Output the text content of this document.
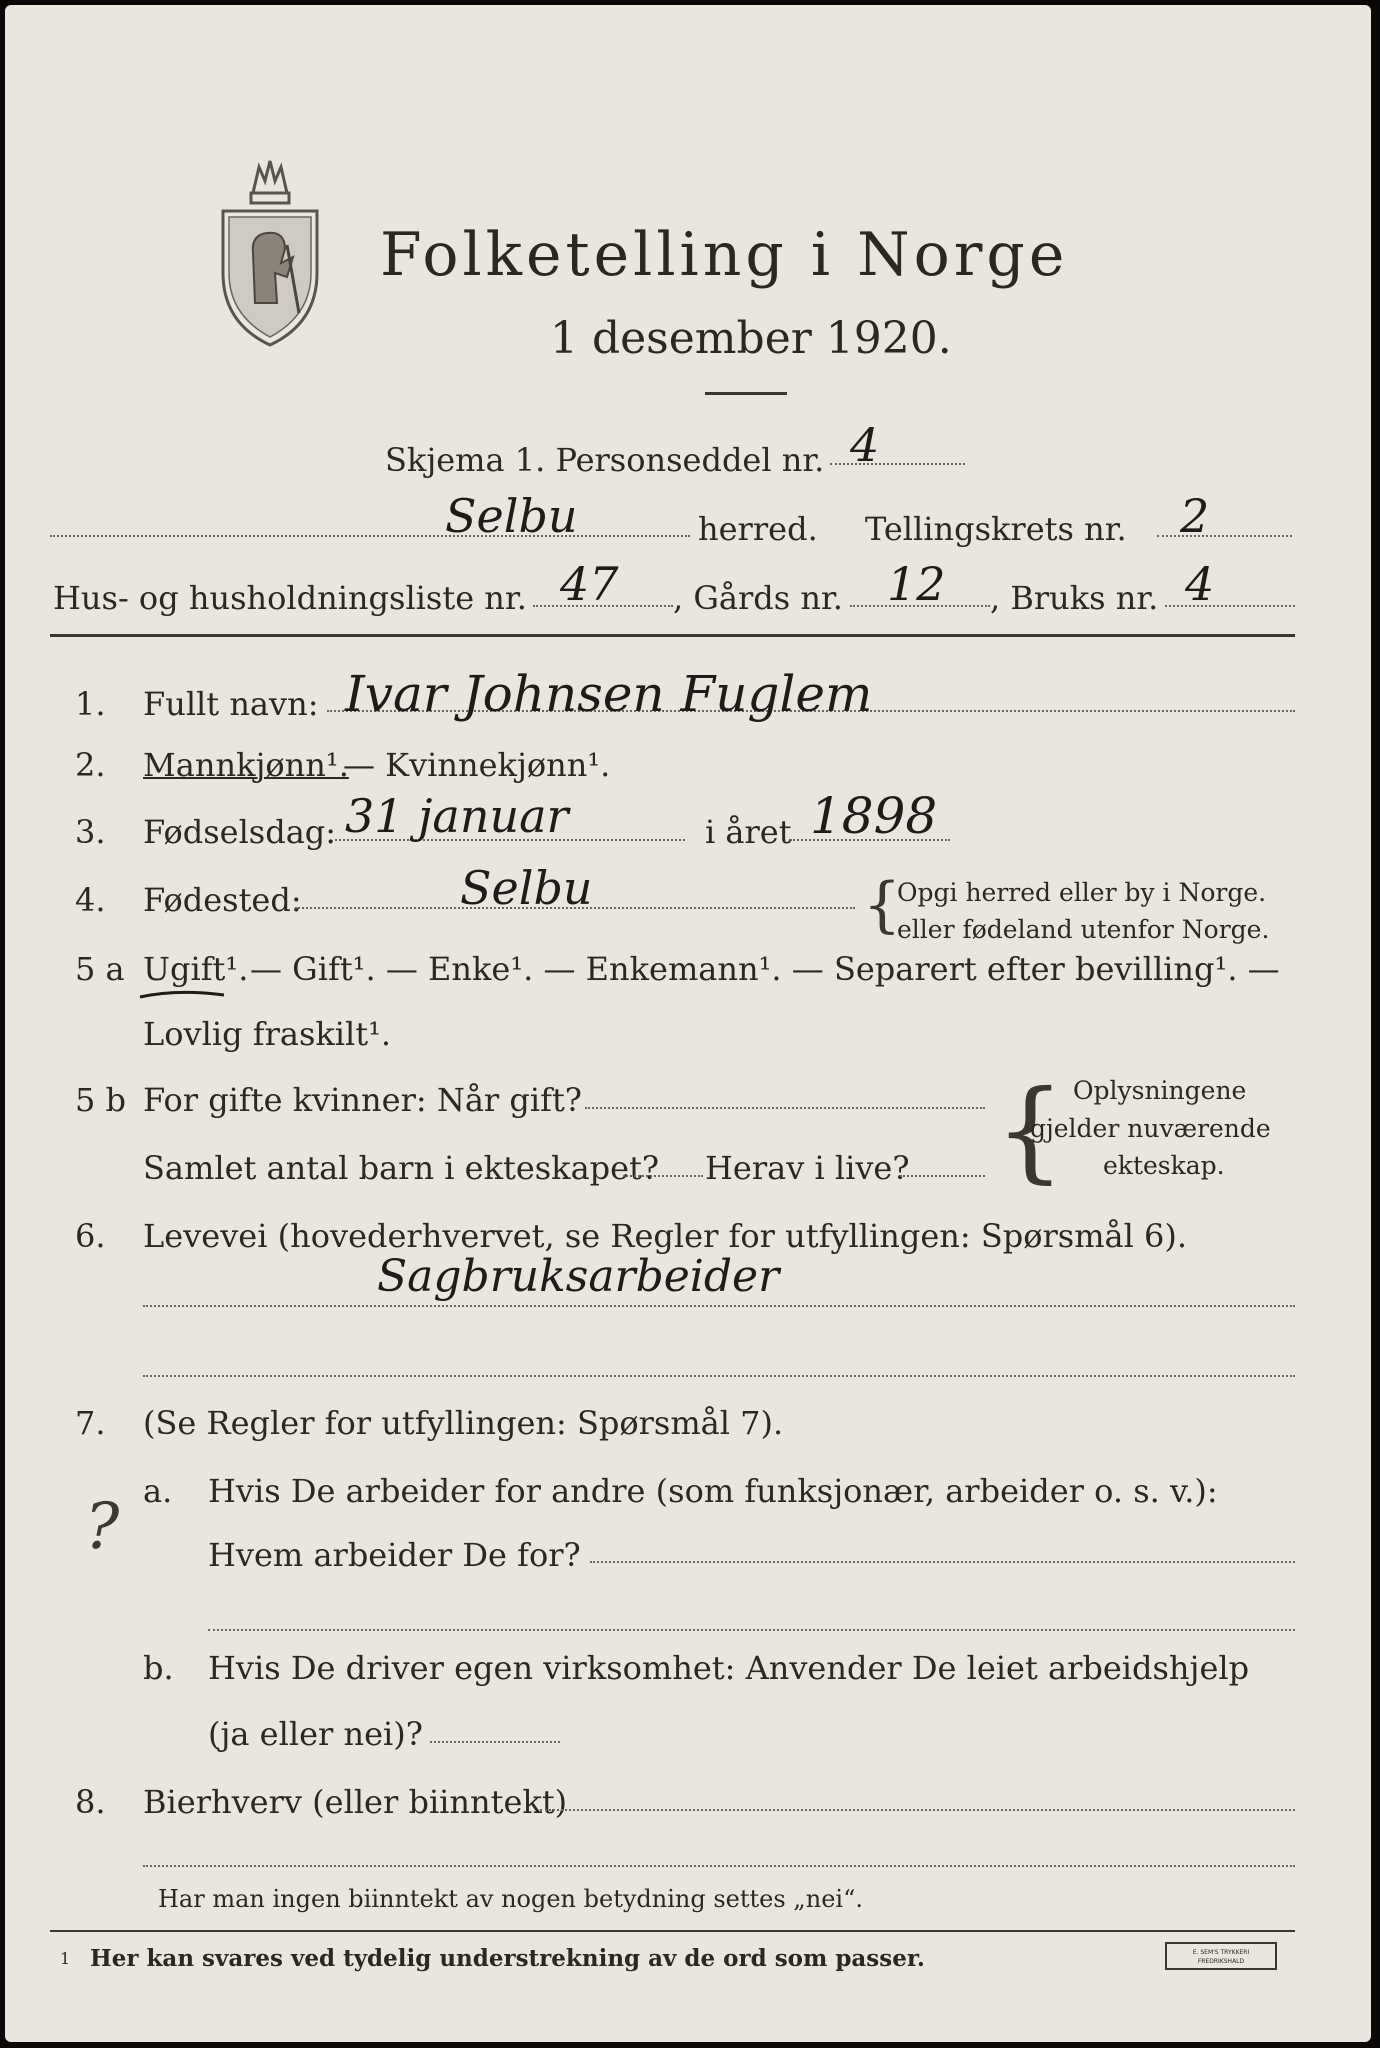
Folketelling i Norge
1 desember 1920.
Skjema 1. Personseddel nr. 4
Selbu	herred. Tellingskrets nr. 2
Hus- og husholdningsliste nr. 47 , Gårds nr. 12 , Bruks nr. 4
1. Fullt navn: Ivar Johnsen Fuglem
2. Mannkjønn¹.
— Kvinnekjønn¹.
3. Fødselsdag: 31 januar	i året 1898
4. Fødested:	Selbu	{
Opgi herred eller by i Norge.
eller fødeland utenfor Norge.
5 a Ugift¹. — Gift¹. — Enke¹. — Enkemann¹. — Separert efter bevilling¹. —
Lovlig fraskilt¹.
5 b For gifte kvinner: Når gift?
Samlet antal barn i ekteskapet? Herav i live? { Oplysningene
gjelder nuværende
ekteskap.
6. Levevei (hovederhvervet, se Regler for utfyllingen: Spørsmål 6).
Sagbruksarbeider
7. (Se Regler for utfyllingen: Spørsmål 7).
a. Hvis De arbeider for andre (som funksjonær, arbeider o. s. v.):
?	Hvem arbeider De for?
b. Hvis De driver egen virksomhet: Anvender De leiet arbeidshjelp
(ja eller nei)?
8. Bierhverv (eller biinntekt)
Har man ingen biinntekt av nogen betydning settes „nei“.
1 Her kan svares ved tydelig understrekning av de ord som passer.	E. SEM'S TRYKKERI FREDRIKSHALD
